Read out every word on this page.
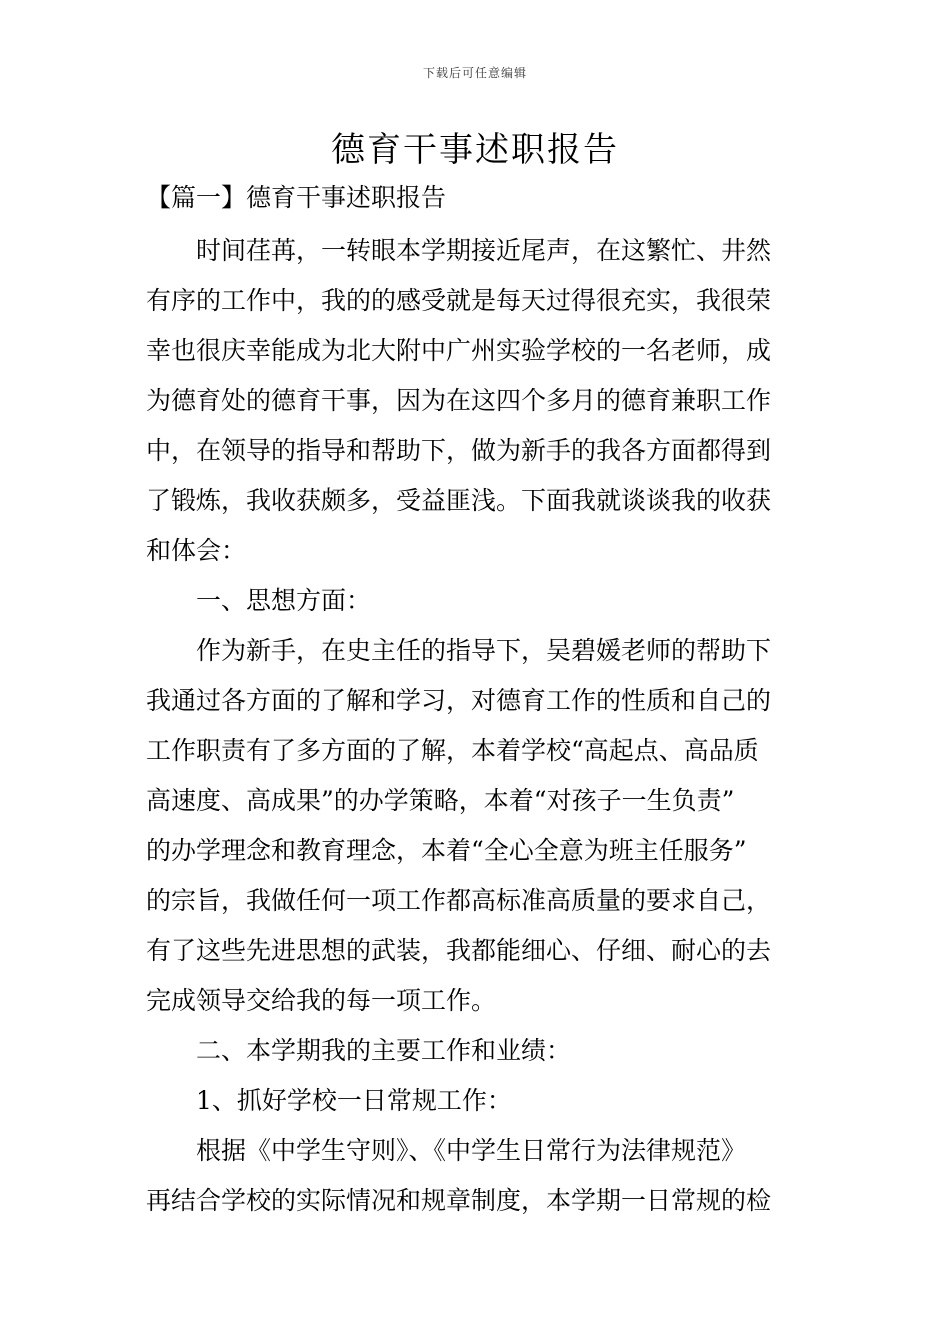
下载后可任意编辑
德育干事述职报告
【篇一】德育干事述职报告
时间荏苒，一转眼本学期接近尾声，在这繁忙、井然
有序的工作中，我的的感受就是每天过得很充实，我很荣
幸也很庆幸能成为北大附中广州实验学校的一名老师，成
为德育处的德育干事，因为在这四个多月的德育兼职工作
中，在领导的指导和帮助下，做为新手的我各方面都得到
了锻炼，我收获颇多，受益匪浅。下面我就谈谈我的收获
和体会：
一、思想方面：
作为新手，在史主任的指导下，吴碧媛老师的帮助下
我通过各方面的了解和学习，对德育工作的性质和自己的
工作职责有了多方面的了解，本着学校“高起点、高品质
高速度、高成果”的办学策略，本着“对孩子一生负责”
的办学理念和教育理念，本着“全心全意为班主任服务”
的宗旨，我做任何一项工作都高标准高质量的要求自己，
有了这些先进思想的武装，我都能细心、仔细、耐心的去
完成领导交给我的每一项工作。
二、本学期我的主要工作和业绩：
1、抓好学校一日常规工作：
根据《中学生守则》、《中学生日常行为法律规范》
再结合学校的实际情况和规章制度，本学期一日常规的检
